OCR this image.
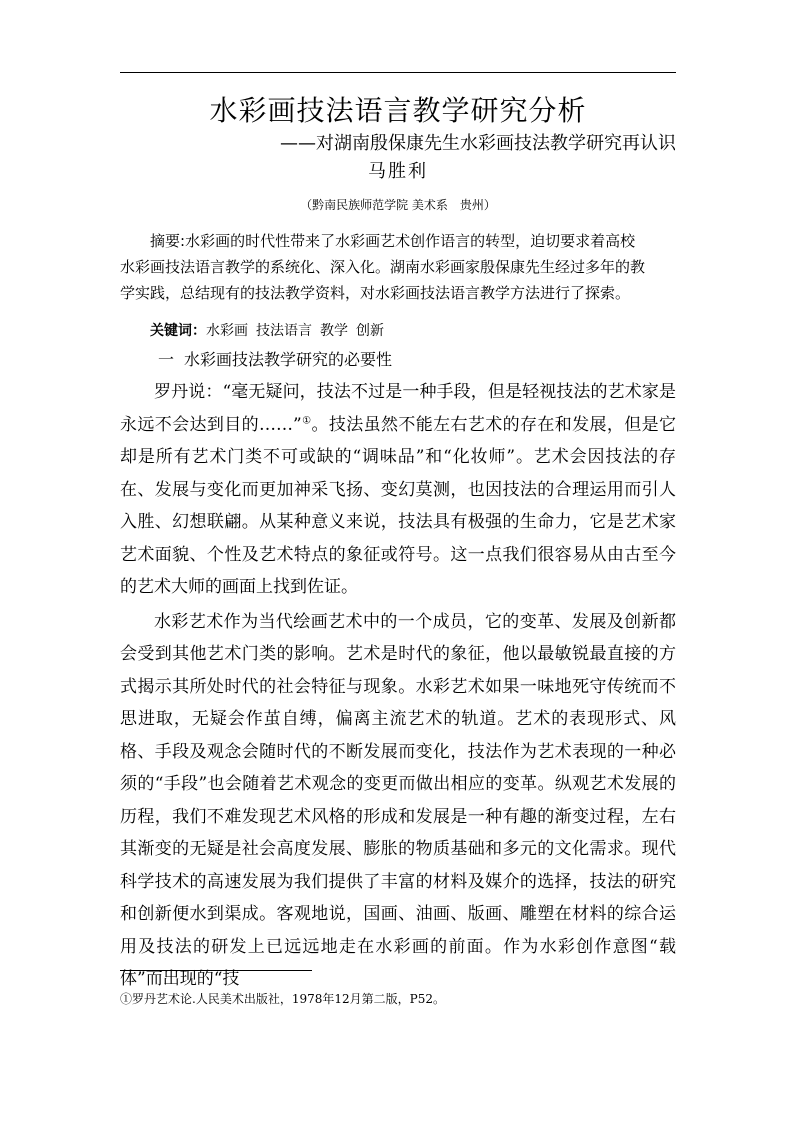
水彩画技法语言教学研究分析
——对湖南殷保康先生水彩画技法教学研究再认识
马胜利
（黔南民族师范学院 美术系　贵州）

摘要:水彩画的时代性带来了水彩画艺术创作语言的转型，迫切要求着高校水彩画技法语言教学的系统化、深入化。湖南水彩画家殷保康先生经过多年的教学实践，总结现有的技法教学资料，对水彩画技法语言教学方法进行了探索。

关键词：水彩画 技法语言 教学 创新
一 水彩画技法教学研究的必要性

罗丹说：“毫无疑问，技法不过是一种手段，但是轻视技法的艺术家是永远不会达到目的……”①。技法虽然不能左右艺术的存在和发展，但是它却是所有艺术门类不可或缺的“调味品”和“化妆师”。艺术会因技法的存在、发展与变化而更加神采飞扬、变幻莫测，也因技法的合理运用而引人入胜、幻想联翩。从某种意义来说，技法具有极强的生命力，它是艺术家艺术面貌、个性及艺术特点的象征或符号。这一点我们很容易从由古至今的艺术大师的画面上找到佐证。

水彩艺术作为当代绘画艺术中的一个成员，它的变革、发展及创新都会受到其他艺术门类的影响。艺术是时代的象征，他以最敏锐最直接的方式揭示其所处时代的社会特征与现象。水彩艺术如果一味地死守传统而不思进取，无疑会作茧自缚，偏离主流艺术的轨道。艺术的表现形式、风格、手段及观念会随时代的不断发展而变化，技法作为艺术表现的一种必须的“手段”也会随着艺术观念的变更而做出相应的变革。纵观艺术发展的历程，我们不难发现艺术风格的形成和发展是一种有趣的渐变过程，左右其渐变的无疑是社会高度发展、膨胀的物质基础和多元的文化需求。现代科学技术的高速发展为我们提供了丰富的材料及媒介的选择，技法的研究和创新便水到渠成。客观地说，国画、油画、版画、雕塑在材料的综合运用及技法的研发上已远远地走在水彩画的前面。作为水彩创作意图“载体”而出现的“技

①罗丹艺术论.人民美术出版社，1978年12月第二版，P52。
